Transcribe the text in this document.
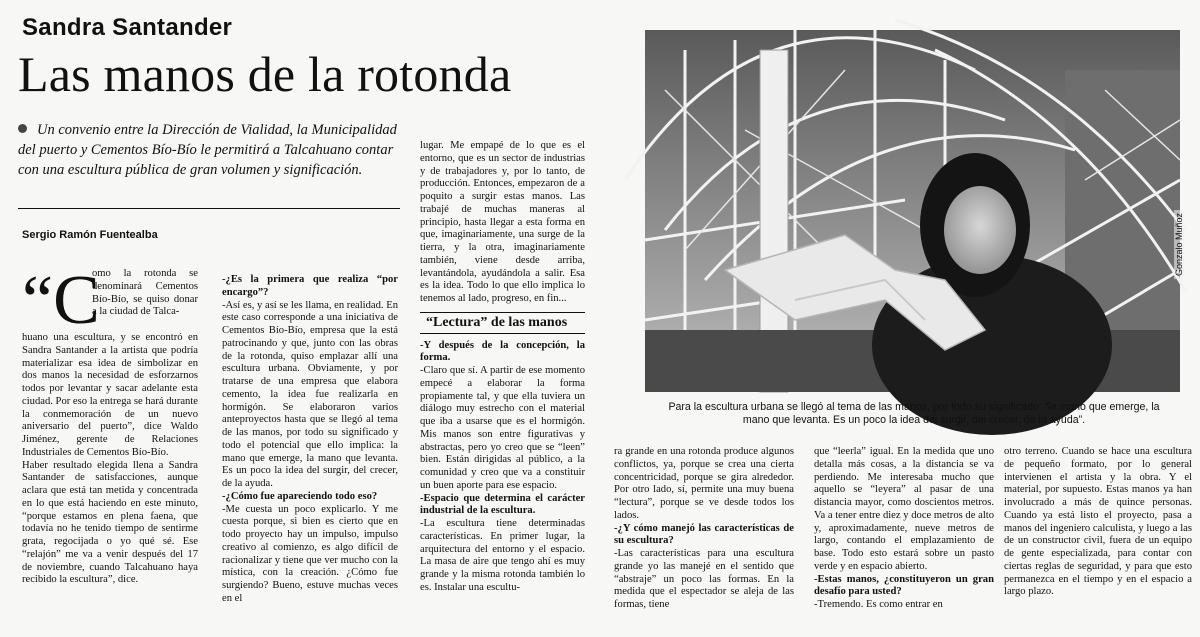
Sandra Santander
Las manos de la rotonda
Un convenio entre la Dirección de Vialidad, la Municipalidad del puerto y Cementos Bío-Bío le permitirá a Talcahuano contar con una escultura pública de gran volumen y significación.
Sergio Ramón Fuentealba
“C
omo la rotonda se denominará Cementos Bío-Bío, se quiso donar a la ciudad de Talca-

huano una escultura, y se encontró en Sandra Santander a la artista que podría materializar esa idea de simbolizar en dos manos la necesidad de esforzarnos todos por levantar y sacar adelante esta ciudad. Por eso la entrega se hará durante la conmemoración de un nuevo aniversario del puerto”, dice Waldo Jiménez, gerente de Relaciones Industriales de Cementos Bío-Bío.

Haber resultado elegida llena a Sandra Santander de satisfacciones, aunque aclara que está tan metida y concentrada en lo que está haciendo en este minuto, “porque estamos en plena faena, que todavía no he tenido tiempo de sentirme grata, regocijada o yo qué sé. Ese “relajón” me va a venir después del 17 de noviembre, cuando Talcahuano haya recibido la escultura”, dice.

-¿Es la primera que realiza “por encargo”?

-Así es, y así se les llama, en realidad. En este caso corresponde a una iniciativa de Cementos Bío-Bío, empresa que la está patrocinando y que, junto con las obras de la rotonda, quiso emplazar allí una escultura urbana. Obviamente, y por tratarse de una empresa que elabora cemento, la idea fue realizarla en hormigón. Se elaboraron varios anteproyectos hasta que se llegó al tema de las manos, por todo su significado y todo el potencial que ello implica: la mano que emerge, la mano que levanta. Es un poco la idea del surgir, del crecer, de la ayuda.

-¿Cómo fue apareciendo todo eso?

-Me cuesta un poco explicarlo. Y me cuesta porque, si bien es cierto que en todo proyecto hay un impulso, impulso creativo al comienzo, es algo difícil de racionalizar y tiene que ver mucho con la mística, con la creación. ¿Cómo fue surgiendo? Bueno, estuve muchas veces en el

lugar. Me empapé de lo que es el entorno, que es un sector de industrias y de trabajadores y, por lo tanto, de producción. Entonces, empezaron de a poquito a surgir estas manos. Las trabajé de muchas maneras al principio, hasta llegar a esta forma en que, imaginariamente, una surge de la tierra, y la otra, imaginariamente también, viene desde arriba, levantándola, ayudándola a salir. Esa es la idea. Todo lo que ello implica lo tenemos al lado, progreso, en fin...

“Lectura” de las manos

-Y después de la concepción, la forma.

-Claro que sí. A partir de ese momento empecé a elaborar la forma propiamente tal, y que ella tuviera un diálogo muy estrecho con el material que iba a usarse que es el hormigón. Mis manos son entre figurativas y abstractas, pero yo creo que se “leen” bien. Están dirigidas al público, a la comunidad y creo que va a constituir un buen aporte para ese espacio.

-Espacio que determina el carácter industrial de la escultura.

-La escultura tiene determinadas características. En primer lugar, la arquitectura del entorno y el espacio. La masa de aire que tengo ahí es muy grande y la misma rotonda también lo es. Instalar una escultu-

Gonzalo Muñoz
Para la escultura urbana se llegó al tema de las manos, por todo su significado: “la mano que emerge, la mano que levanta. Es un poco la idea del surgir, del crecer, de la ayuda”.

ra grande en una rotonda produce algunos conflictos, ya, porque se crea una cierta concentricidad, porque se gira alrededor. Por otro lado, sí, permite una muy buena “lectura”, porque se ve desde todos los lados.

-¿Y cómo manejó las características de su escultura?

-Las características para una escultura grande yo las manejé en el sentido que “abstraje” un poco las formas. En la medida que el espectador se aleja de las formas, tiene

que “leerla” igual. En la medida que uno detalla más cosas, a la distancia se va perdiendo. Me interesaba mucho que aquello se “leyera” al pasar de una distancia mayor, como doscientos metros. Va a tener entre diez y doce metros de alto y, aproximadamente, nueve metros de largo, contando el emplazamiento de base. Todo esto estará sobre un pasto verde y en espacio abierto.

-Estas manos, ¿constituyeron un gran desafío para usted?

-Tremendo. Es como entrar en

otro terreno. Cuando se hace una escultura de pequeño formato, por lo general intervienen el artista y la obra. Y el material, por supuesto. Estas manos ya han involucrado a más de quince personas. Cuando ya está listo el proyecto, pasa a manos del ingeniero calculista, y luego a las de un constructor civil, fuera de un equipo de gente especializada, para contar con ciertas reglas de seguridad, y para que esto permanezca en el tiempo y en el espacio a largo plazo.
